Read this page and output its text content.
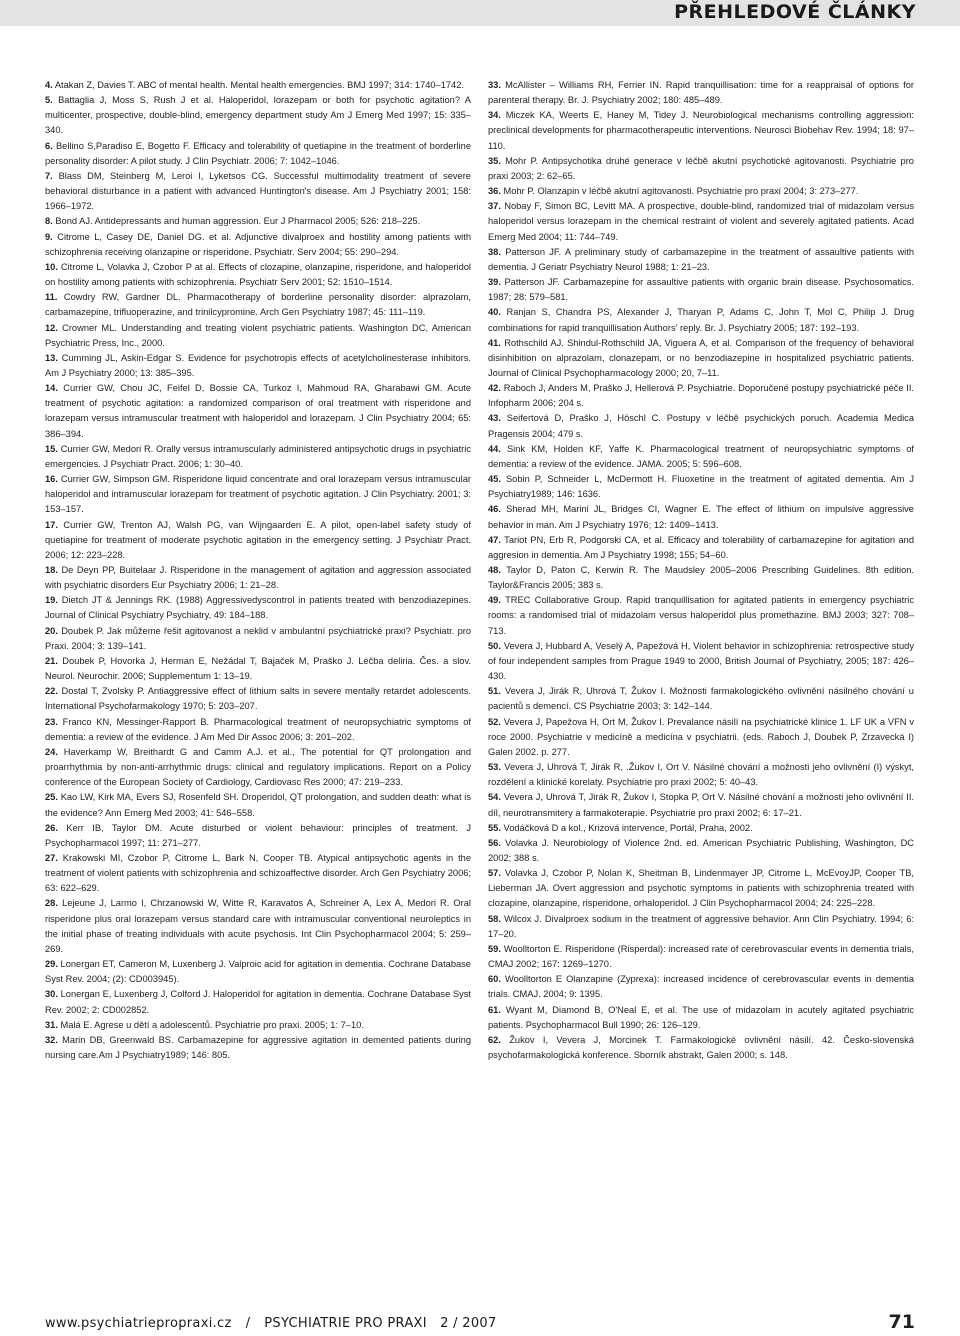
PŘEHLEDOVÉ ČLÁNKY

4. Atakan Z, Davies T. ABC of mental health. Mental health emergencies. BMJ 1997; 314: 1740–1742.

5. Battaglia J, Moss S, Rush J et al. Haloperidol, lorazepam or both for psychotic agitation? A multicenter, prospective, double-blind, emergency department study Am J Emerg Med 1997; 15: 335–340.

6. Bellino S,Paradiso E, Bogetto F. Efficacy and tolerability of quetiapine in the treatment of borderline personality disorder: A pilot study. J Clin Psychiatr. 2006; 7: 1042–1046.

7. Blass DM, Steinberg M, Leroi I, Lyketsos CG. Successful multimodality treatment of severe behavioral disturbance in a patient with advanced Huntington's disease. Am J Psychiatry 2001; 158: 1966–1972.

8. Bond AJ. Antidepressants and human aggression. Eur J Pharmacol 2005; 526: 218–225.

9. Citrome L, Casey DE, Daniel DG. et al. Adjunctive divalproex and hostility among patients with schizophrenia receiving olanzapine or risperidone. Psychiatr. Serv 2004; 55: 290–294.

10. Citrome L, Volavka J, Czobor P at al. Effects of clozapine, olanzapine, risperidone, and haloperidol on hostility among patients with schizophrenia. Psychiatr Serv 2001; 52: 1510–1514.

11. Cowdry RW, Gardner DL. Pharmacotherapy of borderline personality disorder: alprazolam, carbamazepine, trifluoperazine, and trinilcypromine. Arch Gen Psychiatry 1987; 45: 111–119.

12. Crowner ML. Understanding and treating violent psychiatric patients. Washington DC, American Psychiatric Press, Inc., 2000.

13. Cumming JL, Askin-Edgar S. Evidence for psychotropis effects of acetylcholinesterase inhibitors. Am J Psychiatry 2000; 13: 385–395.

14. Currier GW, Chou JC, Feifel D, Bossie CA, Turkoz I, Mahmoud RA, Gharabawi GM. Acute treatment of psychotic agitation: a randomized comparison of oral treatment with risperidone and lorazepam versus intramuscular treatment with haloperidol and lorazepam. J Clin Psychiatry 2004; 65: 386–394.

15. Currier GW, Medori R. Orally versus intramuscularly administered antipsychotic drugs in psychiatric emergencies. J Psychiatr Pract. 2006; 1: 30–40.

16. Currier GW, Simpson GM. Risperidone liquid concentrate and oral lorazepam versus intramuscular haloperidol and intramuscular lorazepam for treatment of psychotic agitation. J Clin Psychiatry. 2001; 3: 153–157.

17. Currier GW, Trenton AJ, Walsh PG, van Wijngaarden E. A pilot, open-label safety study of quetiapine for treatment of moderate psychotic agitation in the emergency setting. J Psychiatr Pract. 2006; 12: 223–228.

18. De Deyn PP, Buitelaar J. Risperidone in the management of agitation and aggression associated with psychiatric disorders Eur Psychiatry 2006; 1: 21–28.

19. Dietch JT & Jennings RK. (1988) Aggressivedyscontrol in patients treated with benzodiazepines. Journal of Clinical Psychiatry Psychiatry, 49: 184–188.

20. Doubek P. Jak můžeme řešit agitovanost a neklid v ambulantní psychiatrické praxi? Psychiatr. pro Praxi. 2004; 3: 139–141.

21. Doubek P, Hovorka J, Herman E, Nežádal T, Bajaček M, Praško J. Léčba deliria. Čes. a slov. Neurol. Neurochir. 2006; Supplementum 1: 13–19.

22. Dostal T, Zvolsky P. Antiaggressive effect of lithium salts in severe mentally retardet adolescents. International Psychofarmakology 1970; 5: 203–207.

23. Franco KN, Messinger-Rapport B. Pharmacological treatment of neuropsychiatric symptoms of dementia: a review of the evidence. J Am Med Dir Assoc 2006; 3: 201–202.

24. Haverkamp W, Breithardt G and Camm A.J. et al., The potential for QT prolongation and proarrhythmia by non-anti-arrhythmic drugs: clinical and regulatory implications. Report on a Policy conference of the European Society of Cardiology, Cardiovasc Res 2000; 47: 219–233.

25. Kao LW, Kirk MA, Evers SJ, Rosenfeld SH. Droperidol, QT prolongation, and sudden death: what is the evidence? Ann Emerg Med 2003; 41: 546–558.

26. Kerr IB, Taylor DM. Acute disturbed or violent behaviour: principles of treatment. J Psychopharmacol 1997; 11: 271–277.

27. Krakowski MI, Czobor P, Citrome L, Bark N, Cooper TB. Atypical antipsychotic agents in the treatment of violent patients with schizophrenia and schizoaffective disorder. Arch Gen Psychiatry 2006; 63: 622–629.

28. Lejeune J, Larmo I, Chrzanowski W, Witte R, Karavatos A, Schreiner A, Lex A, Medori R. Oral risperidone plus oral lorazepam versus standard care with intramuscular conventional neuroleptics in the initial phase of treating individuals with acute psychosis. Int Clin Psychopharmacol 2004; 5: 259–269.

29. Lonergan ET, Cameron M, Luxenberg J. Valproic acid for agitation in dementia. Cochrane Database Syst Rev. 2004; (2): CD003945).

30. Lonergan E, Luxenberg J, Colford J. Haloperidol for agitation in dementia. Cochrane Database Syst Rev. 2002; 2: CD002852.

31. Malá E. Agrese u dětí a adolescentů. Psychiatrie pro praxi. 2005; 1: 7–10.

32. Marin DB, Greenwald BS. Carbamazepine for aggressive agitation in demented patients during nursing care.Am J Psychiatry1989; 146: 805.

33. McAllister – Williams RH, Ferrier IN. Rapid tranquillisation: time for a reappraisal of options for parenteral therapy. Br. J. Psychiatry 2002; 180: 485–489.

34. Miczek KA, Weerts E, Haney M, Tidey J. Neurobiological mechanisms controlling aggression: preclinical developments for pharmacotherapeutic interventions. Neurosci Biobehav Rev. 1994; 18: 97–110.

35. Mohr P. Antipsychotika druhé generace v léčbě akutní psychotické agitovanosti. Psychiatrie pro praxi 2003; 2: 62–65.

36. Mohr P. Olanzapin v léčbě akutní agitovanosti. Psychiatrie pro praxi 2004; 3: 273–277.

37. Nobay F, Simon BC, Levitt MA. A prospective, double-blind, randomized trial of midazolam versus haloperidol versus lorazepam in the chemical restraint of violent and severely agitated patients. Acad Emerg Med 2004; 11: 744–749.

38. Patterson JF. A preliminary study of carbamazepine in the treatment of assaultive patients with dementia. J Geriatr Psychiatry Neurol 1988; 1: 21–23.

39. Patterson JF. Carbamazepine for assaultive patients with organic brain disease. Psychosomatics. 1987; 28: 579–581.

40. Ranjan S, Chandra PS, Alexander J, Tharyan P, Adams C, John T, Mol C, Philip J. Drug combinations for rapid tranquillisation Authors' reply. Br. J. Psychiatry 2005; 187: 192–193.

41. Rothschild AJ. Shindul-Rothschild JA, Viguera A, et al. Comparison of the frequency of behavioral disinhibition on alprazolam, clonazepam, or no benzodiazepine in hospitalized psychiatric patients. Journal of Clinical Psychopharmacology 2000; 20, 7–11.

42. Raboch J, Anders M, Praško J, Hellerová P. Psychiatrie. Doporučené postupy psychiatrické péče II. Infopharm 2006; 204 s.

43. Seifertová D, Praško J, Höschl C. Postupy v léčbě psychických poruch. Academia Medica Pragensis 2004; 479 s.

44. Sink KM, Holden KF, Yaffe K. Pharmacological treatment of neuropsychiatric symptoms of dementia: a review of the evidence. JAMA. 2005; 5: 596–608.

45. Sobin P, Schneider L, McDermott H. Fluoxetine in the treatment of agitated dementia. Am J Psychiatry1989; 146: 1636.

46. Sherad MH, Marini JL, Bridges CI, Wagner E. The effect of lithium on impulsive aggressive behavior in man. Am J Psychiatry 1976; 12: 1409–1413.

47. Tariot PN, Erb R, Podgorski CA, et al. Efficacy and tolerability of carbamazepine for agitation and aggresion in dementia. Am J Psychiatry 1998; 155; 54–60.

48. Taylor D, Paton C, Kerwin R. The Maudsley 2005–2006 Prescribing Guidelines. 8th edition. Taylor&Francis 2005; 383 s.

49. TREC Collaborative Group. Rapid tranquillisation for agitated patients in emergency psychiatric rooms: a randomised trial of midazolam versus haloperidol plus promethazine. BMJ 2003; 327: 708–713.

50. Vevera J, Hubbard A, Veselý A, Papežová H, Violent behavior in schizophrenia: retrospective study of four independent samples from Prague 1949 to 2000, British Journal of Psychiatry, 2005; 187: 426–430.

51. Vevera J, Jirák R, Uhrová T, Žukov I. Možnosti farmakologického ovlivnění násilného chování u pacientů s demencí. CS Psychiatrie 2003; 3: 142–144.

52. Vevera J, Papežova H, Ort M, Žukov I. Prevalance násilí na psychiatrické klinice 1. LF UK a VFN v roce 2000. Psychiatrie v medicíně a medicína v psychiatrii. (eds. Raboch J, Doubek P, Zrzavecká I) Galen 2002. p. 277.

53. Vevera J, Uhrová T, Jirák R, .Žukov I, Ort V. Násilné chování a možnosti jeho ovlivnění (I) výskyt, rozdělení a klinické korelaty. Psychiatrie pro praxi 2002; 5: 40–43.

54. Vevera J, Uhrová T, Jirák R, Žukov I, Stopka P, Ort V. Násilné chování a možnosti jeho ovlivnění II. díl, neurotransmitery a farmakoterapie. Psychiatrie pro praxi 2002; 6: 17–21.

55. Vodáčková D a kol., Krizová intervence, Portál, Praha, 2002.

56. Volavka J. Neurobiology of Violence 2nd. ed. American Psychiatric Publishing, Washington, DC 2002; 388 s.

57. Volavka J, Czobor P, Nolan K, Sheitman B, Lindenmayer JP, Citrome L, McEvoyJP, Cooper TB, Lieberman JA. Overt aggression and psychotic symptoms in patients with schizophrenia treated with clozapine, olanzapine, risperidone, orhaloperidol. J Clin Psychopharmacol 2004; 24: 225–228.

58. Wilcox J. Divalproex sodium in the treatment of aggressive behavior. Ann Clin Psychiatry. 1994; 6: 17–20.

59. Woolltorton E. Risperidone (Risperdal): increased rate of cerebrovascular events in dementia trials, CMAJ 2002; 167: 1269–1270.

60. Woolltorton E Olanzapine (Zyprexa): increased incidence of cerebrovascular events in dementia trials. CMAJ. 2004; 9: 1395.

61. Wyant M, Diamond B, O'Neal E, et al. The use of midazolam in acutely agitated psychiatric patients. Psychopharmacol Bull 1990; 26: 126–129.

62. Žukov I, Vevera J, Morcinek T. Farmakologické ovlivnění násilí. 42. Česko-slovenská psychofarmakologická konference. Sborník abstrakt, Galen 2000; s. 148.

www.psychiatriepropraxi.cz / PSYCHIATRIE PRO PRAXI 2 / 2007	71
